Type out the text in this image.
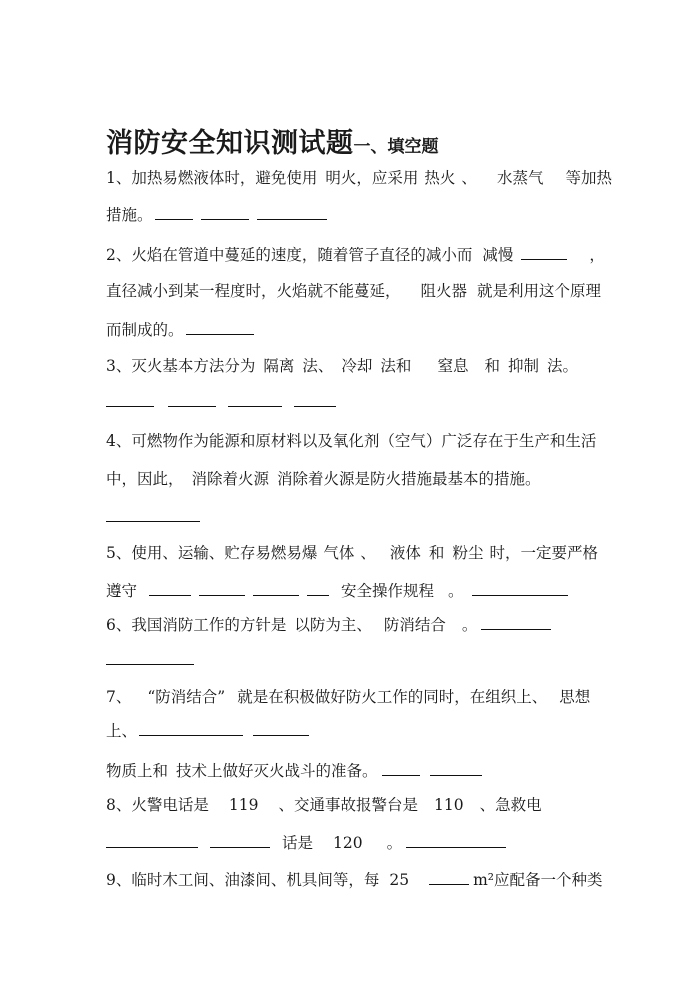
消防安全知识测试题一、填空题
1、加热易燃液体时，避免使用 明火，应采用 热火 、 水蒸气 等加热
措施。
2、火焰在管道中蔓延的速度，随着管子直径的减小而 减慢	，
直径减小到某一程度时，火焰就不能蔓延， 阻火器 就是利用这个原理
而制成的。
3、灭火基本方法分为 隔离 法、 冷却 法和 窒息 和 抑制 法。
4、可燃物作为能源和原材料以及氧化剂（空气）广泛存在于生产和生活
中，因此， 消除着火源 消除着火源是防火措施最基本的措施。
5、使用、运输、贮存易燃易爆 气体 、 液体 和 粉尘 时，一定要严格
遵守	安全操作规程 。
6、我国消防工作的方针是 以防为主、 防消结合 。
7、 “防消结合” 就是在积极做好防火工作的同时，在组织上、 思想
上、
物质上和 技术上做好灭火战斗的准备。
8、火警电话是 119 、交通事故报警台是 110 、急救电
话是 120 。
9、临时木工间、油漆间、机具间等，每 25	m²应配备一个种类
